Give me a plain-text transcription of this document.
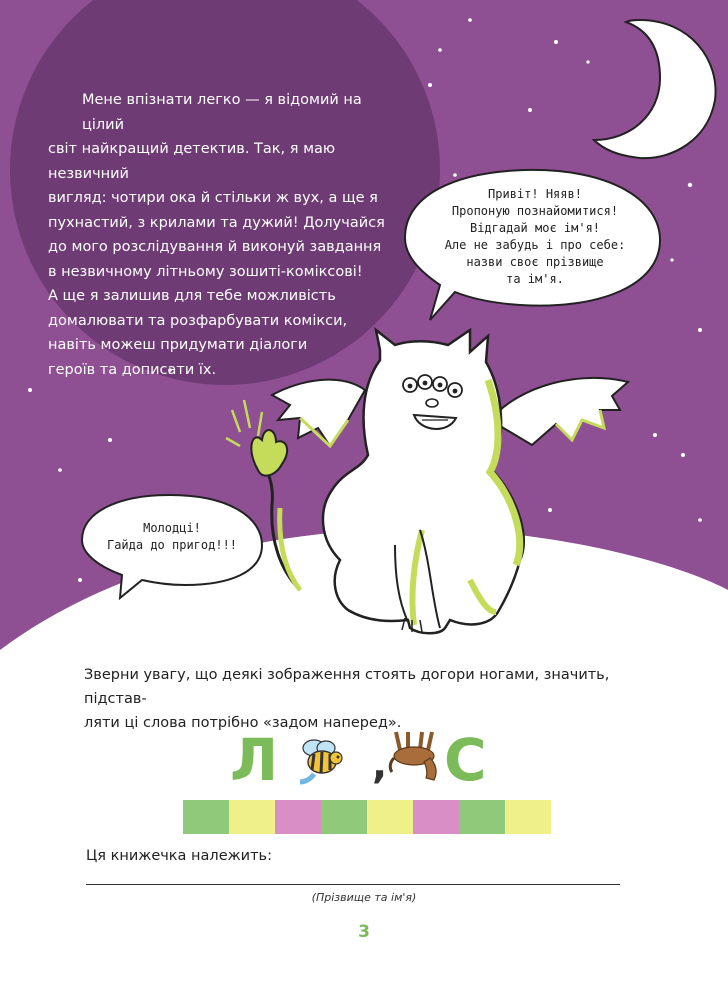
Мене впізнати легко — я відомий на цілий

світ найкращий детектив. Так, я маю незвичний

вигляд: чотири ока й стільки ж вух, а ще я

пухнастий, з крилами та дужий! Долучайся

до мого розслідування й виконуй завдання

в незвичному літньому зошиті-коміксові!

А ще я залишив для тебе можливість

домалювати та розфарбувати комікси,

навіть можеш придумати діалоги

героїв та дописати їх.

Привіт! Няяв!
Пропоную познайомитися!
Відгадай моє ім'я!
Але не забудь і про себе:
назви своє прізвище
та ім'я.
Молодці!
Гайда до пригод!!!
Зверни увагу, що деякі зображення стоять догори ногами, значить, підстав-
ляти ці слова потрібно «задом наперед».
Л , С
Ця книжечка належить:
(Прізвище та ім'я)
3
